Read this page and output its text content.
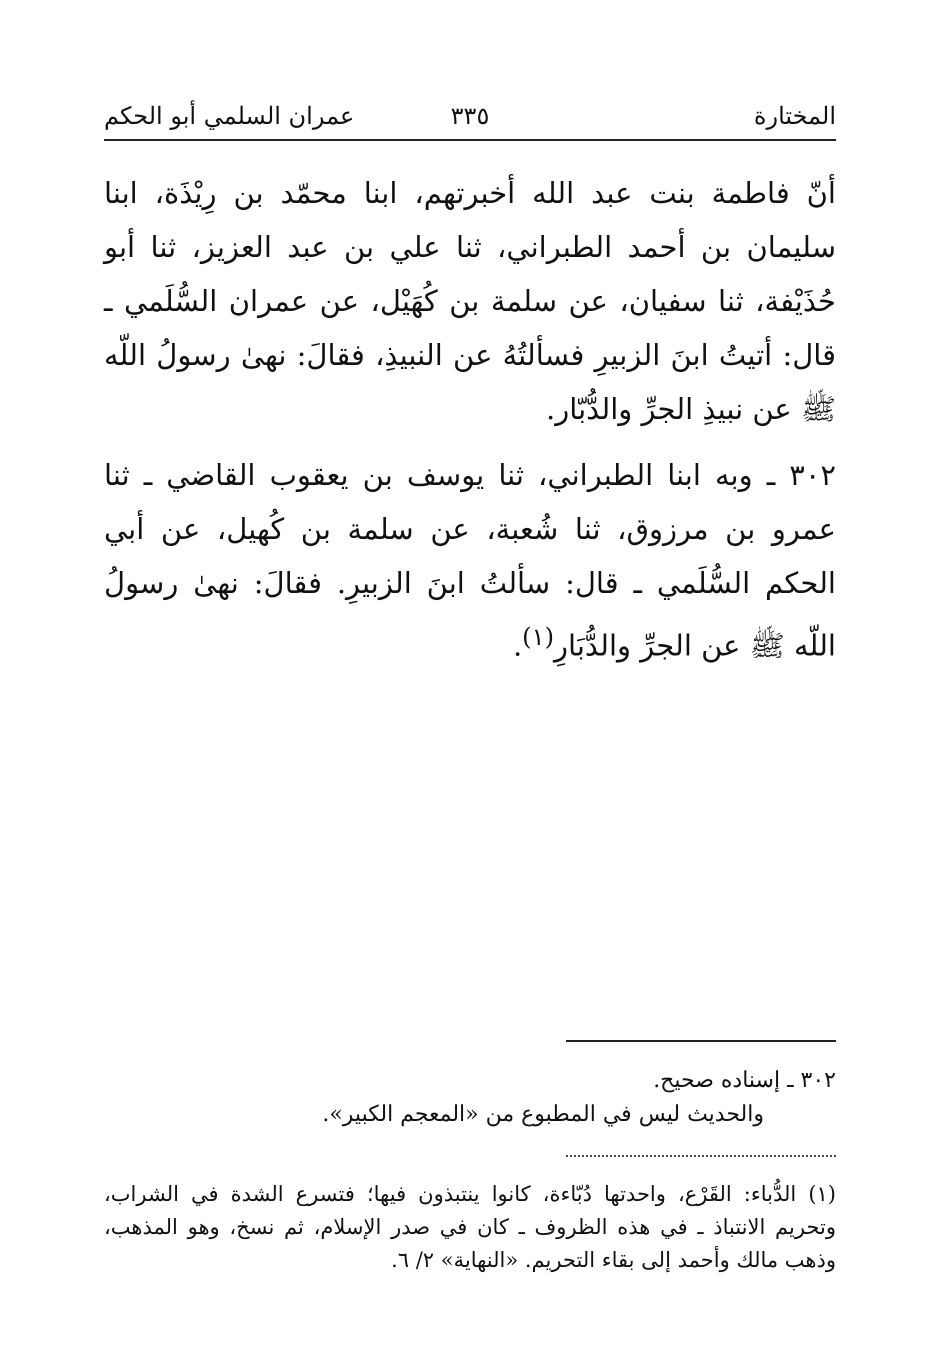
المختارة
٣٣٥
عمران السلمي أبو الحكم

أنّ فاطمة بنت عبد الله أخبرتهم، ابنا محمّد بن رِيْذَة، ابنا سليمان بن أحمد الطبراني، ثنا علي بن عبد العزيز، ثنا أبو حُذَيْفة، ثنا سفيان، عن سلمة بن كُهَيْل، عن عمران السُّلَمي ـ قال: أتيتُ ابنَ الزبيرِ فسألتُهُ عن النبيذِ، فقالَ: نهىٰ رسولُ اللّه ﷺ عن نبيذِ الجرِّ والدُّبّار.

٣٠٢ ـ وبه ابنا الطبراني، ثنا يوسف بن يعقوب القاضي ـ ثنا عمرو بن مرزوق، ثنا شُعبة، عن سلمة بن كُهيل، عن أبي الحكم السُّلَمي ـ قال: سألتُ ابنَ الزبيرِ. فقالَ: نهىٰ رسولُ اللّه ﷺ عن الجرِّ والدُّبَارِ$^{(١)}$.

٣٠٢ ـ إسناده صحيح.

والحديث ليس في المطبوع من «المعجم الكبير».

(١) الدُّباء: القَرْع، واحدتها دُبّاءة، كانوا ينتبذون فيها؛ فتسرع الشدة في الشراب، وتحريم الانتباذ ـ في هذه الظروف ـ كان في صدر الإسلام، ثم نسخ، وهو المذهب، وذهب مالك وأحمد إلى بقاء التحريم. «النهاية» ٢/ ٦.
